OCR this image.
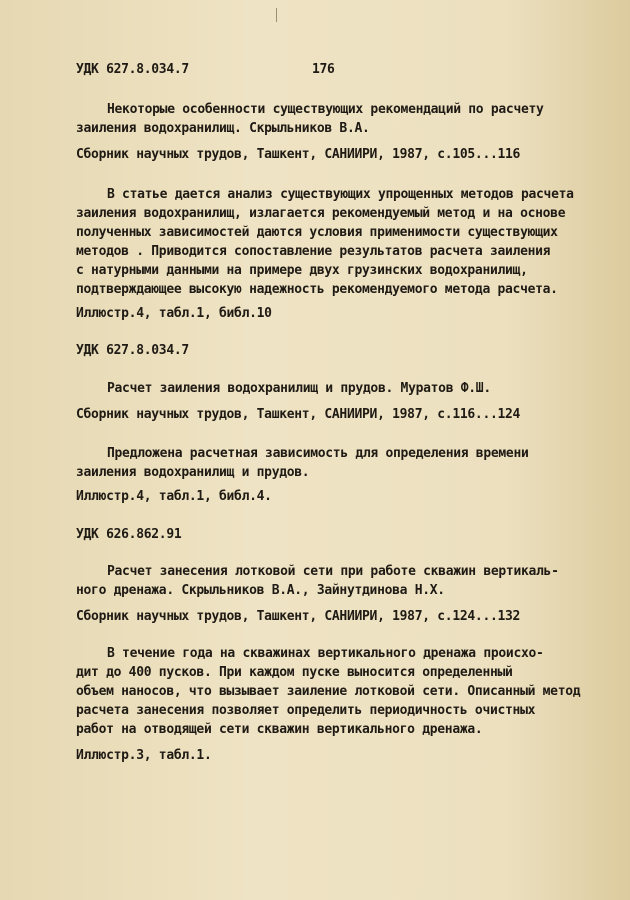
УДК 627.8.034.7	176
Некоторые особенности существующих рекомендаций по расчету
заиления водохранилищ. Скрыльников В.А.
Сборник научных трудов, Ташкент, САНИИРИ, 1987, с.105...116
В статье дается анализ существующих упрощенных методов расчета
заиления водохранилищ, излагается рекомендуемый метод и на основе
полученных зависимостей даются условия применимости существующих
методов . Приводится сопоставление результатов расчета заиления
с натурными данными на примере двух грузинских водохранилищ,
подтверждающее высокую надежность рекомендуемого метода расчета.
Иллюстр.4, табл.1, библ.10
УДК 627.8.034.7
Расчет заиления водохранилищ и прудов. Муратов Ф.Ш.
Сборник научных трудов, Ташкент, САНИИРИ, 1987, с.116...124
Предложена расчетная зависимость для определения времени
заиления водохранилищ и прудов.
Иллюстр.4, табл.1, библ.4.
УДК 626.862.91
Расчет занесения лотковой сети при работе скважин вертикаль-
ного дренажа. Скрыльников В.А., Зайнутдинова Н.Х.
Сборник научных трудов, Ташкент, САНИИРИ, 1987, с.124...132
В течение года на скважинах вертикального дренажа происхо-
дит до 400 пусков. При каждом пуске выносится определенный
объем наносов, что вызывает заиление лотковой сети. Описанный метод
расчета занесения позволяет определить периодичность очистных
работ на отводящей сети скважин вертикального дренажа.
Иллюстр.3, табл.1.
